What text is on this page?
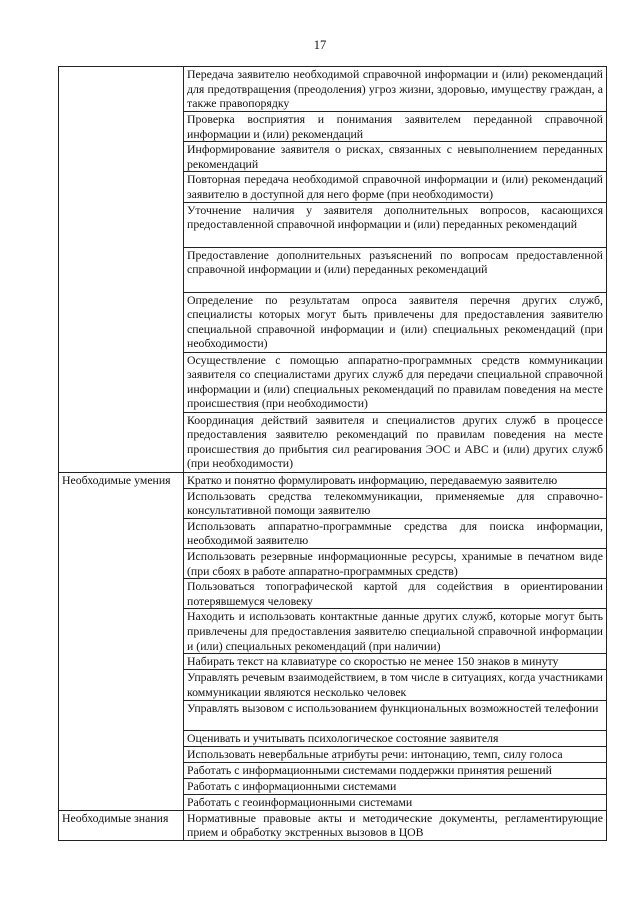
17
	Передача заявителю необходимой справочной информации и (или) рекомендаций для предотвращения (преодоления) угроз жизни, здоровью, имуществу граждан, а также правопорядку
	Проверка восприятия и понимания заявителем переданной справочной информации и (или) рекомендаций
	Информирование заявителя о рисках, связанных с невыполнением переданных рекомендаций
	Повторная передача необходимой справочной информации и (или) рекомендаций заявителю в доступной для него форме (при необходимости)
	Уточнение наличия у заявителя дополнительных вопросов, касающихся предоставленной справочной информации и (или) переданных рекомендаций
	Предоставление дополнительных разъяснений по вопросам предоставленной справочной информации и (или) переданных рекомендаций
	Определение по результатам опроса заявителя перечня других служб, специалисты которых могут быть привлечены для предоставления заявителю специальной справочной информации и (или) специальных рекомендаций (при необходимости)
	Осуществление с помощью аппаратно-программных средств коммуникации заявителя со специалистами других служб для передачи специальной справочной информации и (или) специальных рекомендаций по правилам поведения на месте происшествия (при необходимости)
	Координация действий заявителя и специалистов других служб в процессе предоставления заявителю рекомендаций по правилам поведения на месте происшествия до прибытия сил реагирования ЭОС и АВС и (или) других служб (при необходимости)
Необходимые умения	Кратко и понятно формулировать информацию, передаваемую заявителю
	Использовать средства телекоммуникации, применяемые для справочно-консультативной помощи заявителю
	Использовать аппаратно-программные средства для поиска информации, необходимой заявителю
	Использовать резервные информационные ресурсы, хранимые в печатном виде (при сбоях в работе аппаратно-программных средств)
	Пользоваться топографической картой для содействия в ориентировании потерявшемуся человеку
	Находить и использовать контактные данные других служб, которые могут быть привлечены для предоставления заявителю специальной справочной информации и (или) специальных рекомендаций (при наличии)
	Набирать текст на клавиатуре со скоростью не менее 150 знаков в минуту
	Управлять речевым взаимодействием, в том числе в ситуациях, когда участниками коммуникации являются несколько человек
	Управлять вызовом с использованием функциональных возможностей телефонии
	Оценивать и учитывать психологическое состояние заявителя
	Использовать невербальные атрибуты речи: интонацию, темп, силу голоса
	Работать с информационными системами поддержки принятия решений
	Работать с информационными системами
	Работать с геоинформационными системами
Необходимые знания	Нормативные правовые акты и методические документы, регламентирующие прием и обработку экстренных вызовов в ЦОВ
